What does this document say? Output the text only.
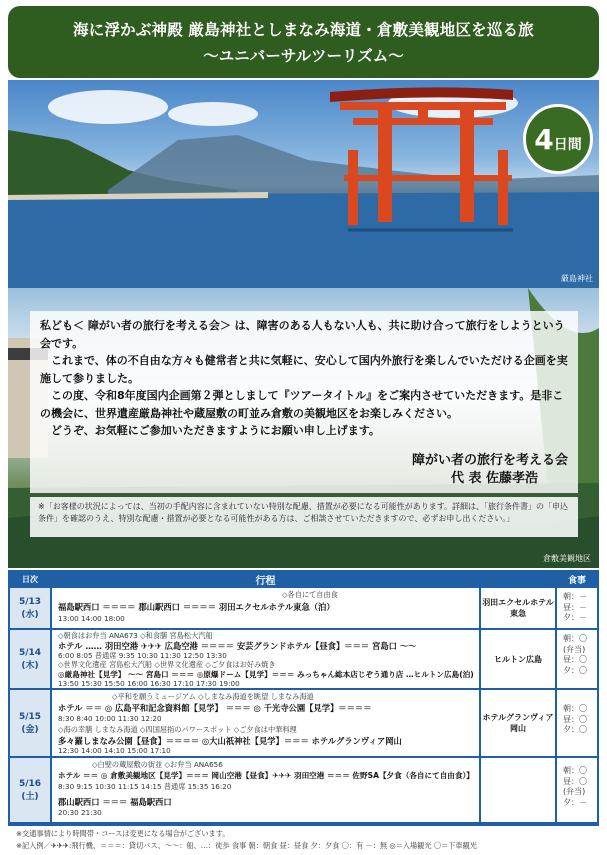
海に浮かぶ神殿 厳島神社としまなみ海道・倉敷美観地区を巡る旅
～ユニバーサルツーリズム～
厳島神社
4 日間
倉敷美観地区

私ども＜ 障がい者の旅行を考える会＞ は、障害のある人もない人も、共に助け合って旅行をしようという会です。

　これまで、体の不自由な方々も健常者と共に気軽に、安心して国内外旅行を楽しんでいただける企画を実施して参りました。

　この度、令和8年度国内企画第２弾としまして『ツアータイトル』をご案内させていただきます。是非この機会に、世界遺産厳島神社や蔵屋敷の町並み倉敷の美観地区をお楽しみください。

　どうぞ、お気軽にご参加いただきますようにお願い申し上げます。

障がい者の旅行を考える会
代 表 佐藤孝浩
※「お客様の状況によっては、当初の手配内容に含まれていない特別な配慮、措置が必要になる可能性があります。詳細は、「旅行条件書」の「申込条件」を確認のうえ、特別な配慮・措置が必要となる可能性がある方は、ご相談させていただきますので、必ずお申し出ください。」
日次	行程	食事
5/13
(水)
◇各自にて自由食
福島駅西口 ＝＝＝＝ 郡山駅西口 ＝＝＝＝ 羽田エクセルホテル東急（泊）
13:00 14:00 18:00
羽田エクセルホテル東急
朝：－
昼：－
夕：－
5/14
(木)
◇朝食はお弁当 ANA673 ◇和食膳 宮島松大汽船
ホテル …… 羽田空港 ✈✈✈ 広島空港 ＝＝＝＝ 安芸グランドホテル【昼食】＝＝＝ 宮島口 〜〜
6:00 8:05 普通席 9:35 10:30 11:30 12:50 13:30
◇世界文化遺産 宮島松大汽船 ◇世界文化遺産 ◇ご夕食はお好み焼き
◎厳島神社【見学】 〜〜 宮島口 ＝＝＝ ◎原爆ドーム【見学】＝＝＝ みっちゃん総本店じぞう通り店 …ヒルトン広島(泊)
13:50 15:30 15:50 16:00 16:30 17:10 17:30 19:00
ヒルトン広島
朝：〇
(弁当)
昼：〇
夕：〇
5/15
(金)
◇平和を願うミュージアム ◇しまなみ海道を眺望 しまなみ海道
ホテル ＝＝ ◎ 広島平和記念資料館【見学】 ＝＝＝ ◎ 千光寺公園【見学】＝＝＝＝
8:30 8:40 10:00 11:30 12:20
◇海の幸膳 しまなみ海道 ◇四国屈指のパワースポット ◇ご夕食は中華料理
多々羅しまなみ公園【昼食】＝＝＝＝ ◎大山祇神社【見学】＝＝＝ ホテルグランヴィア岡山
12:30 14:00 14:10 15:00 17:10
ホテルグランヴィア岡山
朝：〇
昼：〇
夕：〇
5/16
(土)
◇白壁の蔵屋敷の街並 ◇お弁当 ANA656
ホテル ＝＝ ◎ 倉敷美観地区【見学】＝＝＝ 岡山空港【昼食】✈✈✈ 羽田空港 ＝＝＝ 佐野SA【夕食（各自にて自由食）】
8:30 9:15 10:30 11:15 14:15 普通席 15:35 16:20
郡山駅西口 ＝＝＝ 福島駅西口
20:30 21:30
朝：〇
昼：〇
(弁当)
夕：－
※交通事情により時間帯・コースは変更になる場合がございます。
※記入例／✈✈✈:飛行機、＝＝＝：貸切バス、〜〜：船、…：徒歩 食事 朝：朝食 昼：昼食 夕：夕食 〇：有 －：無 ◎＝入場観光 〇＝下車観光
